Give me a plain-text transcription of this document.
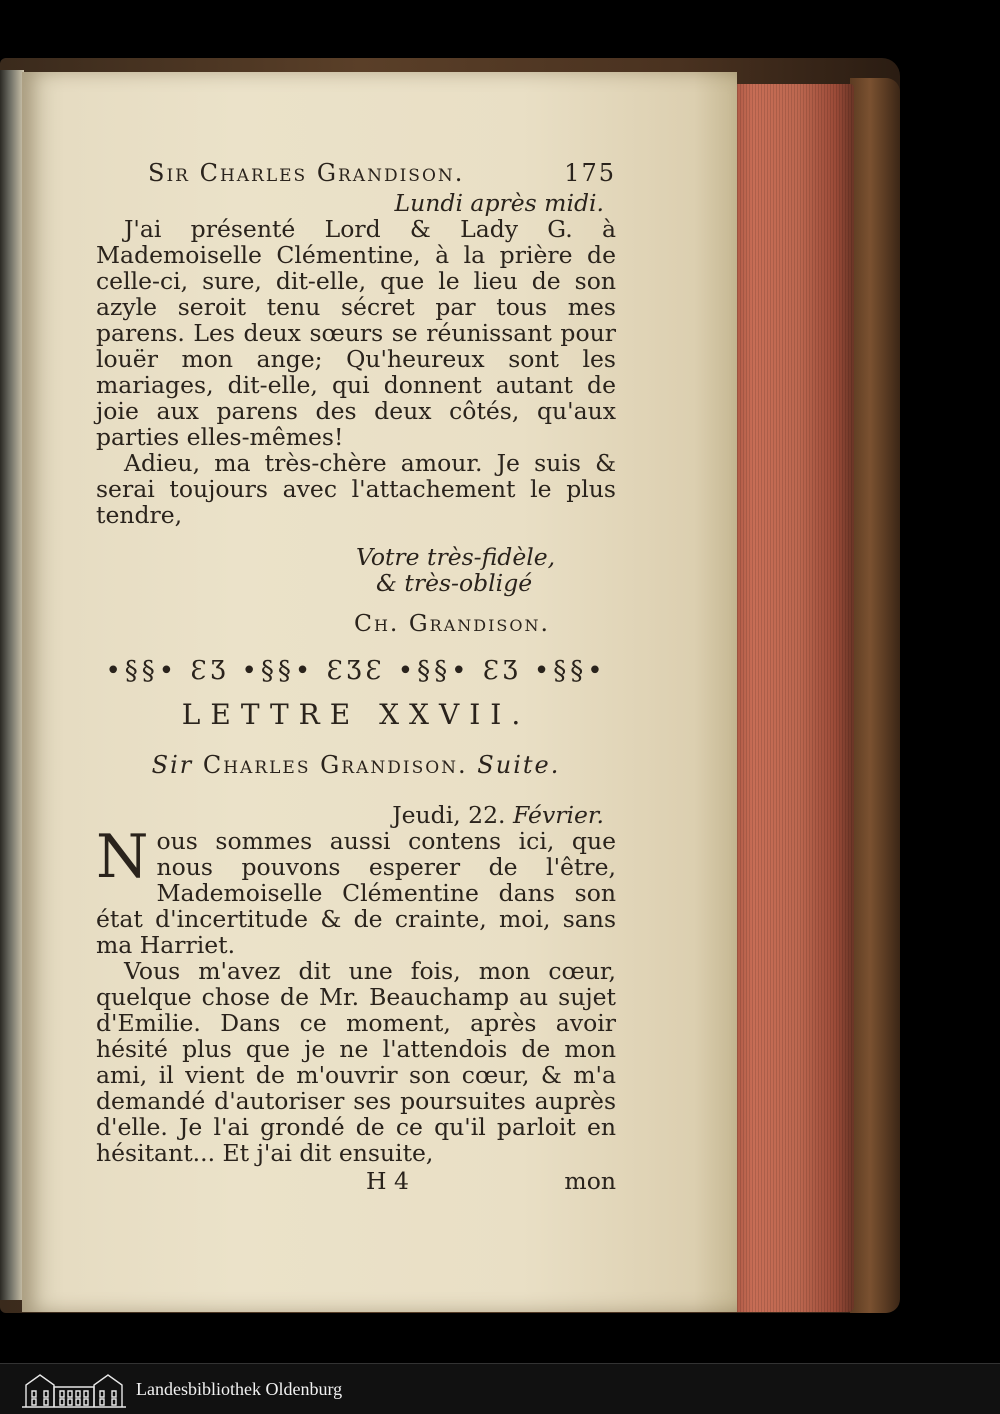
Sir Charles Grandison.	175
Lundi après midi.

J'ai présenté Lord & Lady G. à Mademoiselle Clémentine, à la prière de celle-ci, sure, dit-elle, que le lieu de son azyle seroit tenu sécret par tous mes parens. Les deux sœurs se réunissant pour louër mon ange; Qu'heureux sont les mariages, dit-elle, qui donnent autant de joie aux parens des deux côtés, qu'aux parties elles-mêmes!

Adieu, ma très-chère amour. Je suis & serai toujours avec l'attachement le plus tendre,

Votre très-fidèle,
& très-obligé
Ch. Grandison.
•§§• ƐƷ •§§• ƐƷƐ •§§• ƐƷ •§§•
LETTRE XXVII.
Sir Charles Grandison. Suite.
Jeudi, 22. Février.

Nous sommes aussi contens ici, que nous pouvons esperer de l'être, Mademoiselle Clémentine dans son état d'incertitude & de crainte, moi, sans ma Harriet.

Vous m'avez dit une fois, mon cœur, quelque chose de Mr. Beauchamp au sujet d'Emilie. Dans ce moment, après avoir hésité plus que je ne l'attendois de mon ami, il vient de m'ouvrir son cœur, & m'a demandé d'autoriser ses poursuites auprès d'elle. Je l'ai grondé de ce qu'il parloit en hésitant... Et j'ai dit ensuite,

H 4	mon
Landesbibliothek Oldenburg
